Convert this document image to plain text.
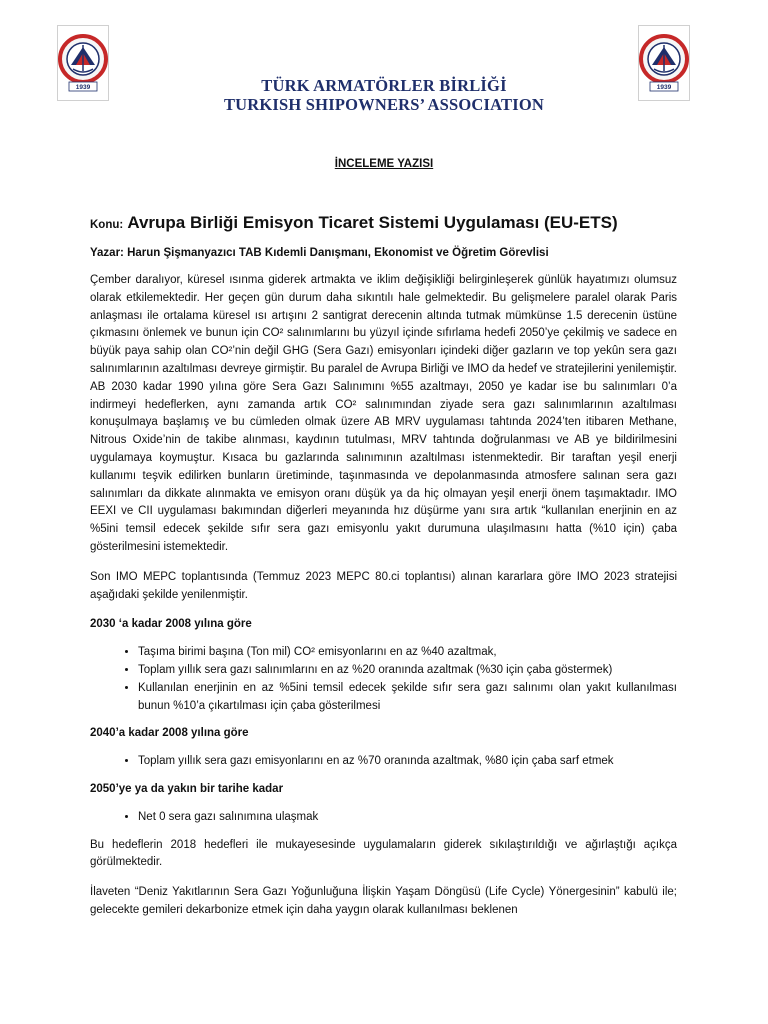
1939	1939
TÜRK ARMATÖRLER BİRLİĞİ
TURKISH SHIPOWNERS’ ASSOCIATION
İNCELEME YAZISI
Konu: Avrupa Birliği Emisyon Ticaret Sistemi Uygulaması (EU-ETS)
Yazar: Harun Şişmanyazıcı TAB Kıdemli Danışmanı, Ekonomist ve Öğretim Görevlisi

Çember daralıyor, küresel ısınma giderek artmakta ve iklim değişikliği belirginleşerek günlük hayatımızı olumsuz olarak etkilemektedir. Her geçen gün durum daha sıkıntılı hale gelmektedir. Bu gelişmelere paralel olarak Paris anlaşması ile ortalama küresel ısı artışını 2 santigrat derecenin altında tutmak mümkünse 1.5 derecenin üstüne çıkmasını önlemek ve bunun için CO² salınımlarını bu yüzyıl içinde sıfırlama hedefi 2050’ye çekilmiş ve sadece en büyük paya sahip olan CO²’nin değil GHG (Sera Gazı) emisyonları içindeki diğer gazların ve top yekûn sera gazı salınımlarının azaltılması devreye girmiştir. Bu paralel de Avrupa Birliği ve IMO da hedef ve stratejilerini yenilemiştir. AB 2030 kadar 1990 yılına göre Sera Gazı Salınımını %55 azaltmayı, 2050 ye kadar ise bu salınımları 0’a indirmeyi hedeflerken, aynı zamanda artık CO² salınımından ziyade sera gazı salınımlarının azaltılması konuşulmaya başlamış ve bu cümleden olmak üzere AB MRV uygulaması tahtında 2024’ten itibaren Methane, Nitrous Oxide’nin de takibe alınması, kaydının tutulması, MRV tahtında doğrulanması ve AB ye bildirilmesini uygulamaya koymuştur. Kısaca bu gazlarında salınımının azaltılması istenmektedir. Bir taraftan yeşil enerji kullanımı teşvik edilirken bunların üretiminde, taşınmasında ve depolanmasında atmosfere salınan sera gazı salınımları da dikkate alınmakta ve emisyon oranı düşük ya da hiç olmayan yeşil enerji önem taşımaktadır. IMO EEXI ve CII uygulaması bakımından diğerleri meyanında hız düşürme yanı sıra artık “kullanılan enerjinin en az %5ini temsil edecek şekilde sıfır sera gazı emisyonlu yakıt durumuna ulaşılmasını hatta (%10 için) çaba gösterilmesini istemektedir.

Son IMO MEPC toplantısında (Temmuz 2023 MEPC 80.ci toplantısı) alınan kararlara göre IMO 2023 stratejisi aşağıdaki şekilde yenilenmiştir.

2030 ‘a kadar 2008 yılına göre

• Taşıma birimi başına (Ton mil) CO² emisyonlarını en az %40 azaltmak,
• Toplam yıllık sera gazı salınımlarını en az %20 oranında azaltmak (%30 için çaba göstermek)
• Kullanılan enerjinin en az %5ini temsil edecek şekilde sıfır sera gazı salınımı olan yakıt kullanılması bunun %10’a çıkartılması için çaba gösterilmesi

2040’a kadar 2008 yılına göre

• Toplam yıllık sera gazı emisyonlarını en az %70 oranında azaltmak, %80 için çaba sarf etmek

2050’ye ya da yakın bir tarihe kadar

• Net 0 sera gazı salınımına ulaşmak

Bu hedeflerin 2018 hedefleri ile mukayesesinde uygulamaların giderek sıkılaştırıldığı ve ağırlaştığı açıkça görülmektedir.

İlaveten “Deniz Yakıtlarının Sera Gazı Yoğunluğuna İlişkin Yaşam Döngüsü (Life Cycle) Yönergesinin” kabulü ile; gelecekte gemileri dekarbonize etmek için daha yaygın olarak kullanılması beklenen
